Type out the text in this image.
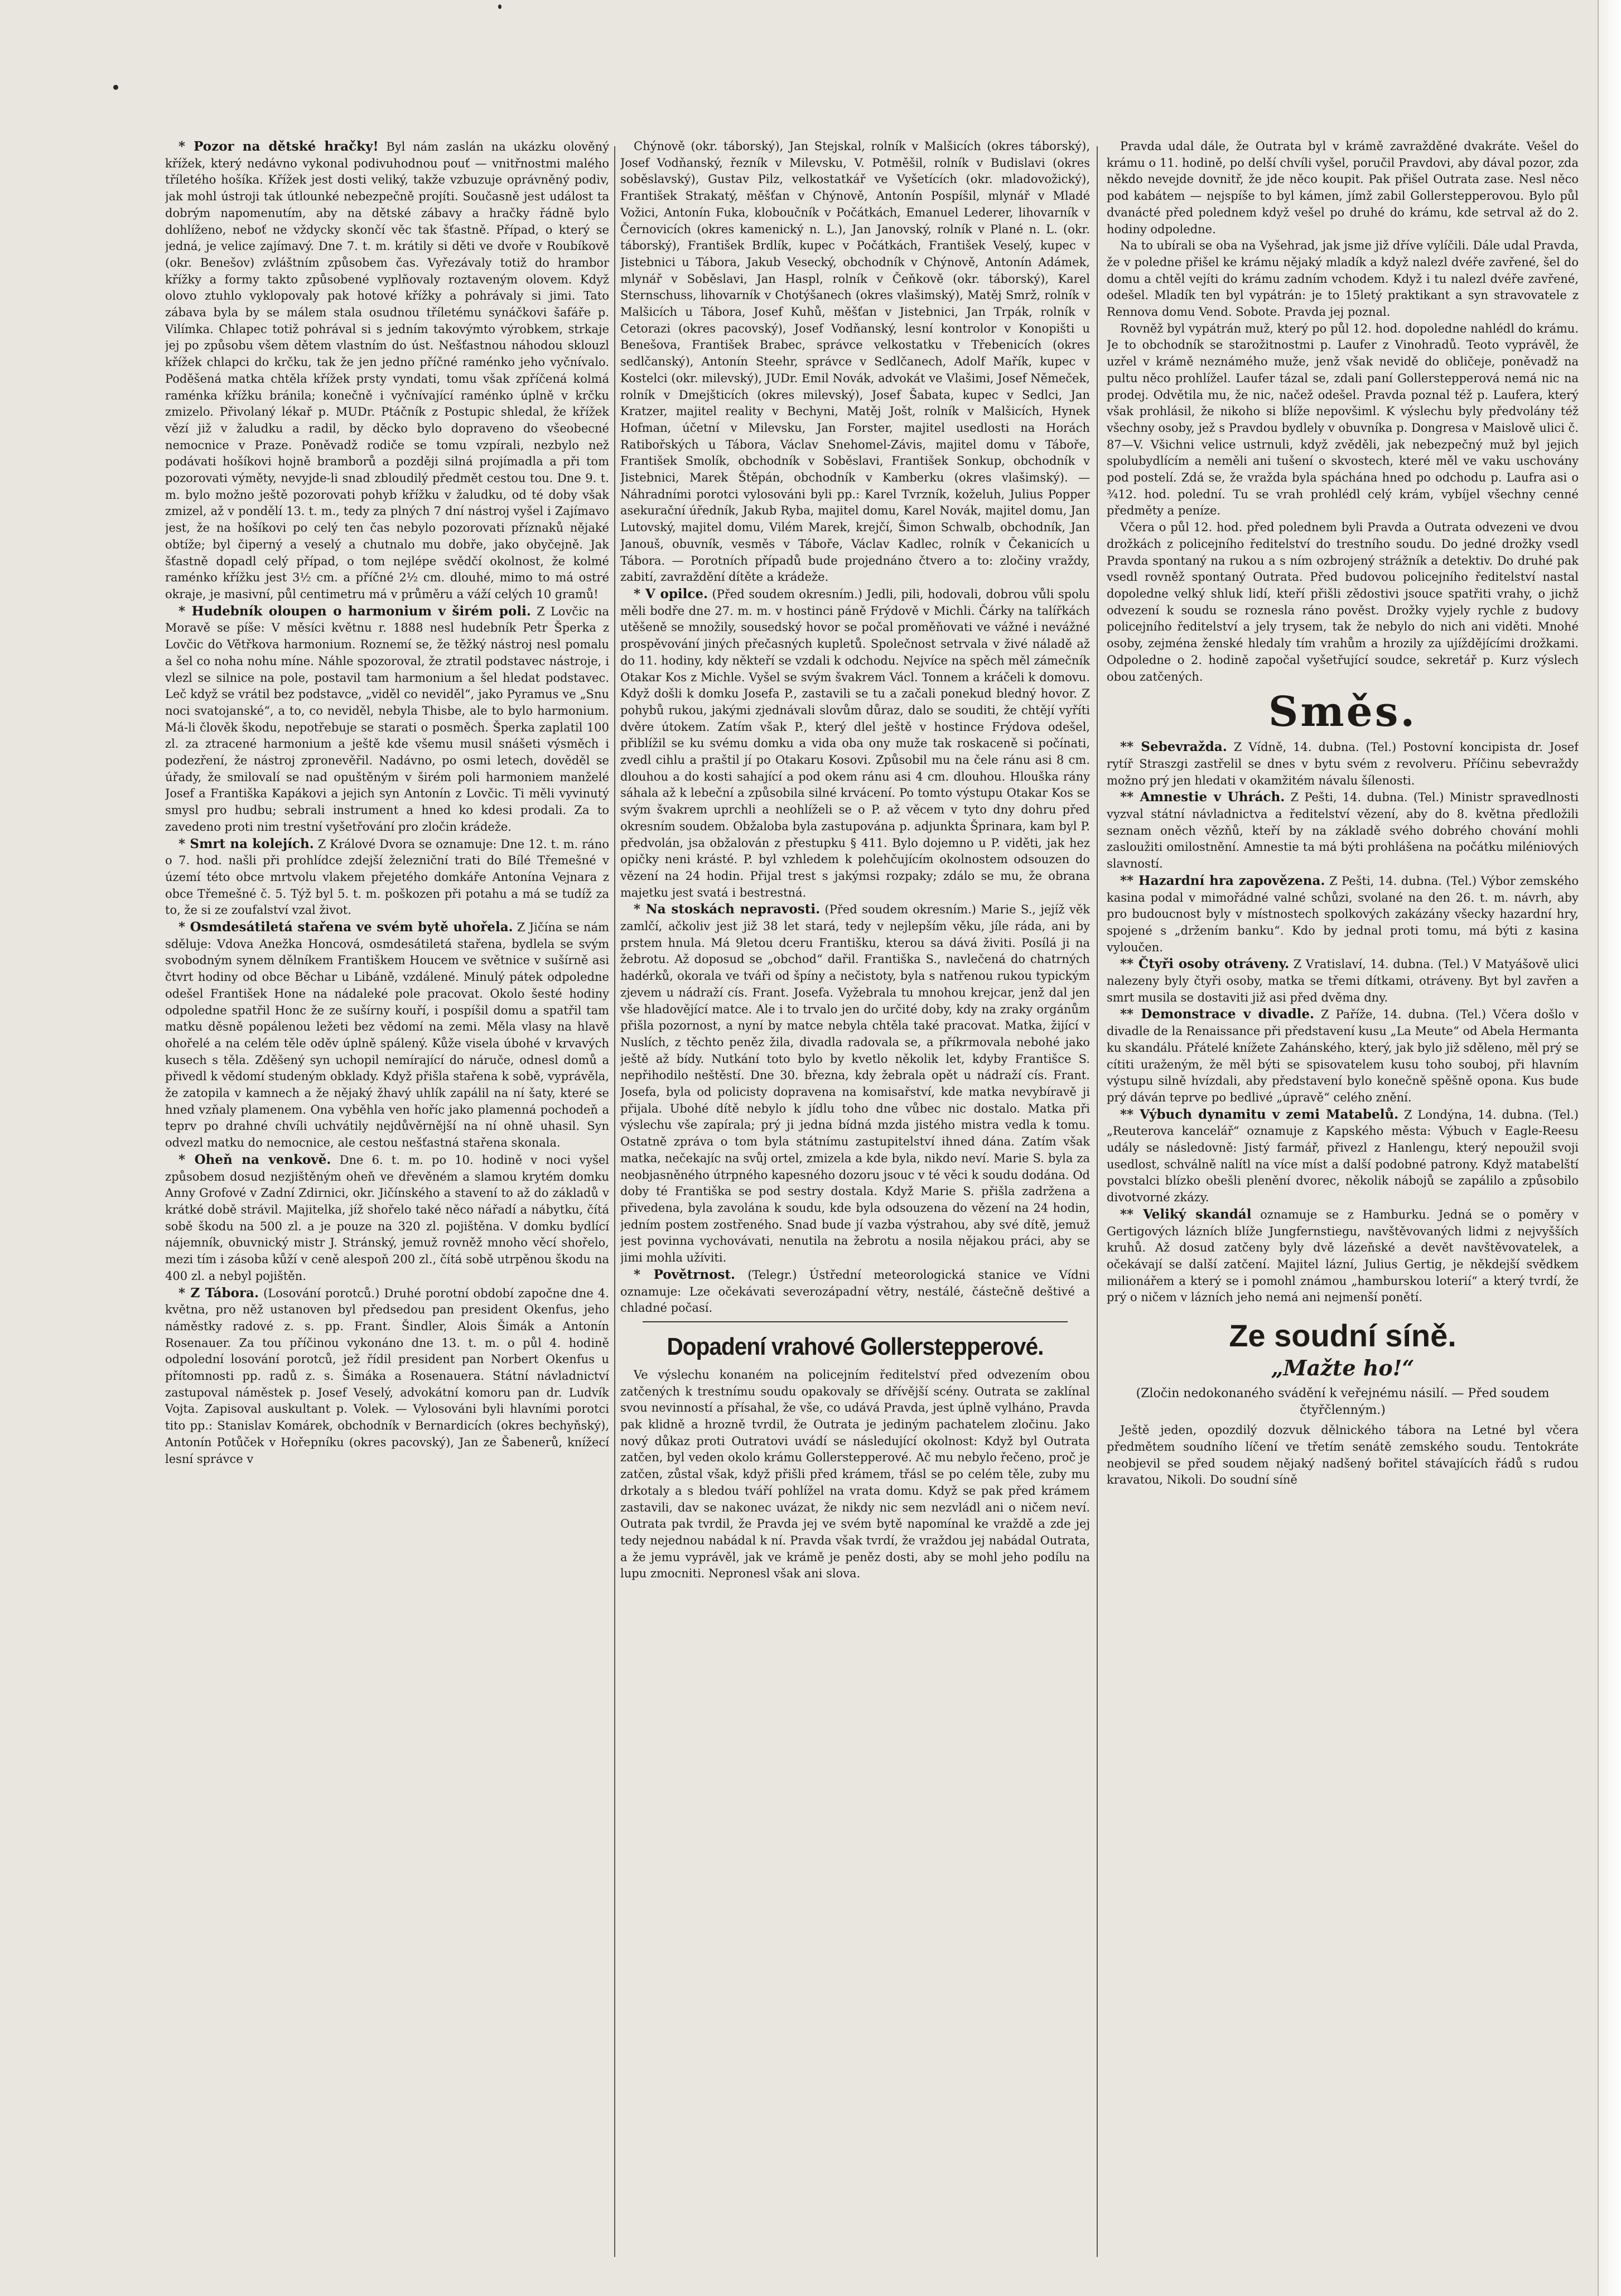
* Pozor na dětské hračky! Byl nám zaslán na ukázku olověný křížek, který nedávno vykonal podivuhodnou pouť — vnitřnostmi malého tříletého hošíka. Křížek jest dosti veliký, takže vzbuzuje oprávněný podiv, jak mohl ústroji tak útlounké nebezpečně projíti. Současně jest událost ta dobrým napomenutím, aby na dětské zábavy a hračky řádně bylo dohlíženo, neboť ne vždycky skončí věc tak šťastně. Případ, o který se jedná, je velice zajímavý. Dne 7. t. m. krátily si děti ve dvoře v Roubíkově (okr. Benešov) zvláštním způsobem čas. Vyřezávaly totiž do hrambor křížky a formy takto způsobené vyplňovaly roztaveným olovem. Když olovo ztuhlo vyklopovaly pak hotové křížky a pohrávaly si jimi. Tato zábava byla by se málem stala osudnou tříletému synáčkovi šafáře p. Vilímka. Chlapec totiž pohrával si s jedním takovýmto výrobkem, strkaje jej po způsobu všem dětem vlastním do úst. Nešťastnou náhodou sklouzl křížek chlapci do krčku, tak že jen jedno příčné raménko jeho vyčnívalo. Poděšená matka chtěla křížek prsty vyndati, tomu však zpříčená kolmá raménka křížku bránila; konečně i vyčnívající raménko úplně v krčku zmizelo. Přivolaný lékař p. MUDr. Ptáčník z Postupic shledal, že křížek vězí již v žaludku a radil, by děcko bylo dopraveno do všeobecné nemocnice v Praze. Poněvadž rodiče se tomu vzpírali, nezbylo než podávati hošíkovi hojně bramborů a později silná projímadla a při tom pozorovati výměty, nevyjde-li snad zbloudilý předmět cestou tou. Dne 9. t. m. bylo možno ještě pozorovati pohyb křížku v žaludku, od té doby však zmizel, až v pondělí 13. t. m., tedy za plných 7 dní nástroj vyšel i Zajímavo jest, že na hošíkovi po celý ten čas nebylo pozorovati příznaků nějaké obtíže; byl čiperný a veselý a chutnalo mu dobře, jako obyčejně. Jak šťastně dopadl celý případ, o tom nejlépe svědčí okolnost, že kolmé raménko křížku jest 3½ cm. a příčné 2½ cm. dlouhé, mimo to má ostré okraje, je masivní, půl centimetru má v průměru a váží celých 10 gramů!

* Hudebník oloupen o harmonium v širém poli. Z Lovčic na Moravě se píše: V měsíci květnu r. 1888 nesl hudebník Petr Šperka z Lovčic do Větřkova harmonium. Roznemí se, že těžký nástroj nesl pomalu a šel co noha nohu míne. Náhle spozoroval, že ztratil podstavec nástroje, i vlezl se silnice na pole, postavil tam harmonium a šel hledat podstavec. Leč když se vrátil bez podstavce, „viděl co neviděl“, jako Pyramus ve „Snu noci svatojanské“, a to, co neviděl, nebyla Thisbe, ale to bylo harmonium. Má-li člověk škodu, nepotřebuje se starati o posměch. Šperka zaplatil 100 zl. za ztracené harmonium a ještě kde všemu musil snášeti výsměch i podezření, že nástroj zpronevěřil. Nadávno, po osmi letech, dověděl se úřady, že smilovalí se nad opuštěným v širém poli harmoniem manželé Josef a Františka Kapákovi a jejich syn Antonín z Lovčic. Ti měli vyvinutý smysl pro hudbu; sebrali instrument a hned ko kdesi prodali. Za to zavedeno proti nim trestní vyšetřování pro zločin krádeže.

* Smrt na kolejích. Z Králové Dvora se oznamuje: Dne 12. t. m. ráno o 7. hod. našli při prohlídce zdejší železniční trati do Bílé Třemešné v území této obce mrtvolu vlakem přejetého domkáře Antonína Vejnara z obce Třemešné č. 5. Týž byl 5. t. m. poškozen při potahu a má se tudíž za to, že si ze zoufalství vzal život.

* Osmdesátiletá stařena ve svém bytě uhořela. Z Jičína se nám sděluje: Vdova Anežka Honcová, osmdesátiletá stařena, bydlela se svým svobodným synem dělníkem Františkem Houcem ve světnice v sušírně asi čtvrt hodiny od obce Běchar u Libáně, vzdálené. Minulý pátek odpoledne odešel František Hone na nádaleké pole pracovat. Okolo šesté hodiny odpoledne spatřil Honc že ze sušírny kouří, i pospíšil domu a spatřil tam matku děsně popálenou ležeti bez vědomí na zemi. Měla vlasy na hlavě ohořelé a na celém těle oděv úplně spálený. Kůže visela úbohé v krvavých kusech s těla. Zděšený syn uchopil nemírající do náruče, odnesl domů a přivedl k vědomí studeným obklady. Když přišla stařena k sobě, vyprávěla, že zatopila v kamnech a že nějaký žhavý uhlík zapálil na ní šaty, které se hned vzňaly plamenem. Ona vyběhla ven hoříc jako plamenná pochodeň a teprv po drahné chvíli uchvátily nejdůvěrnější na ní ohně uhasil. Syn odvezl matku do nemocnice, ale cestou nešťastná stařena skonala.

* Oheň na venkově. Dne 6. t. m. po 10. hodině v noci vyšel způsobem dosud nezjištěným oheň ve dřevěném a slamou krytém domku Anny Grofové v Zadní Zdirnici, okr. Jičínského a stavení to až do základů v krátké době strávil. Majitelka, jíž shořelo také něco nářadí a nábytku, čítá sobě škodu na 500 zl. a je pouze na 320 zl. pojištěna. V domku bydlící nájemník, obuvnický mistr J. Stránský, jemuž rovněž mnoho věcí shořelo, mezi tím i zásoba kůží v ceně alespoň 200 zl., čítá sobě utrpěnou škodu na 400 zl. a nebyl pojištěn.

* Z Tábora. (Losování porotců.) Druhé porotní období započne dne 4. května, pro něž ustanoven byl předsedou pan president Okenfus, jeho náměstky radové z. s. pp. Frant. Šindler, Alois Šimák a Antonín Rosenauer. Za tou příčinou vykonáno dne 13. t. m. o půl 4. hodině odpolední losování porotců, jež řídil president pan Norbert Okenfus u přítomnosti pp. radů z. s. Šimáka a Rosenauera. Státní návladnictví zastupoval náměstek p. Josef Veselý, advokátní komoru pan dr. Ludvík Vojta. Zapisoval auskultant p. Volek. — Vylosováni byli hlavními porotci tito pp.: Stanislav Komárek, obchodník v Bernardicích (okres bechyňský), Antonín Potůček v Hořepníku (okres pacovský), Jan ze Šabenerů, knížecí lesní správce v

Chýnově (okr. táborský), Jan Stejskal, rolník v Malšicích (okres táborský), Josef Vodňanský, řezník v Milevsku, V. Potměšil, rolník v Budislavi (okres soběslavský), Gustav Pilz, velkostatkář ve Vyšetících (okr. mladovožický), František Strakatý, měšťan v Chýnově, Antonín Pospíšil, mlynář v Mladé Vožici, Antonín Fuka, kloboučník v Počátkách, Emanuel Lederer, lihovarník v Černovicích (okres kamenický n. L.), Jan Janovský, rolník v Plané n. L. (okr. táborský), František Brdlík, kupec v Počátkách, František Veselý, kupec v Jistebnici u Tábora, Jakub Vesecký, obchodník v Chýnově, Antonín Adámek, mlynář v Soběslavi, Jan Haspl, rolník v Čeňkově (okr. táborský), Karel Sternschuss, lihovarník v Chotýšanech (okres vlašimský), Matěj Smrž, rolník v Malšicích u Tábora, Josef Kuhů, měšťan v Jistebnici, Jan Trpák, rolník v Cetorazi (okres pacovský), Josef Vodňanský, lesní kontrolor v Konopišti u Benešova, František Brabec, správce velkostatku v Třebenicích (okres sedlčanský), Antonín Steehr, správce v Sedlčanech, Adolf Mařík, kupec v Kostelci (okr. milevský), JUDr. Emil Novák, advokát ve Vlašimi, Josef Němeček, rolník v Dmejšticích (okres milevský), Josef Šabata, kupec v Sedlci, Jan Kratzer, majitel reality v Bechyni, Matěj Jošt, rolník v Malšicích, Hynek Hofman, účetní v Milevsku, Jan Forster, majitel usedlosti na Horách Ratibořských u Tábora, Václav Snehomel-Závis, majitel domu v Táboře, František Smolík, obchodník v Soběslavi, František Sonkup, obchodník v Jistebnici, Marek Štěpán, obchodník v Kamberku (okres vlašimský). — Náhradními porotci vylosováni byli pp.: Karel Tvrzník, koželuh, Julius Popper asekurační úředník, Jakub Ryba, majitel domu, Karel Novák, majitel domu, Jan Lutovský, majitel domu, Vilém Marek, krejčí, Šimon Schwalb, obchodník, Jan Janouš, obuvník, vesměs v Táboře, Václav Kadlec, rolník v Čekanicích u Tábora. — Porotních případů bude projednáno čtvero a to: zločiny vraždy, zabití, zavraždění dítěte a krádeže.

* V opilce. (Před soudem okresním.) Jedli, pili, hodovali, dobrou vůli spolu měli bodře dne 27. m. m. v hostinci páně Frýdově v Michli. Čárky na talířkách utěšeně se množily, sousedský hovor se počal proměňovati ve vážné i nevážné prospěvování jiných přečasných kupletů. Společnost setrvala v živé náladě až do 11. hodiny, kdy někteří se vzdali k odchodu. Nejvíce na spěch měl zámečník Otakar Kos z Michle. Vyšel se svým švakrem Václ. Tonnem a kráčeli k domovu. Když došli k domku Josefa P., zastavili se tu a začali ponekud bledný hovor. Z pohybů rukou, jakými zjednávali slovům důraz, dalo se souditi, že chtějí vyříti dvěre útokem. Zatím však P., který dlel ještě v hostince Frýdova odešel, přiblížil se ku svému domku a vida oba ony muže tak roskaceně si počínati, zvedl cihlu a praštil jí po Otakaru Kosovi. Způsobil mu na čele ránu asi 8 cm. dlouhou a do kosti sahající a pod okem ránu asi 4 cm. dlouhou. Hlouška rány sáhala až k lebeční a způsobila silné krvácení. Po tomto výstupu Otakar Kos se svým švakrem uprchli a neohlíželi se o P. až věcem v tyto dny dohru před okresním soudem. Obžaloba byla zastupována p. adjunkta Šprinara, kam byl P. předvolán, jsa obžalován z přestupku § 411. Bylo dojemno u P. viděti, jak hez opičky neni krásté. P. byl vzhledem k polehčujícím okolnostem odsouzen do vězení na 24 hodin. Přijal trest s jakýmsi rozpaky; zdálo se mu, že obrana majetku jest svatá i bestrestná.

* Na stoskách nepravosti. (Před soudem okresním.) Marie S., jejíž věk zamlčí, ačkoliv jest již 38 let stará, tedy v nejlepším věku, jíle ráda, ani by prstem hnula. Má 9letou dceru Františku, kterou sa dává živiti. Posílá ji na žebrotu. Až doposud se „obchod“ dařil. Františka S., navlečená do chatrných hadérků, okorala ve tváři od špíny a nečistoty, byla s natřenou rukou typickým zjevem u nádraží cís. Frant. Josefa. Vyžebrala tu mnohou krejcar, jenž dal jen vše hladovějící matce. Ale i to trvalo jen do určité doby, kdy na zraky orgánům přišla pozornost, a nyní by matce nebyla chtěla také pracovat. Matka, žijící v Nuslích, z těchto peněz žila, divadla radovala se, a příkrmovala nebohé jako ještě až bídy. Nutkání toto bylo by kvetlo několik let, kdyby Františce S. nepřihodilo neštěstí. Dne 30. března, kdy žebrala opět u nádraží cís. Frant. Josefa, byla od policisty dopravena na komisařství, kde matka nevybíravě ji přijala. Ubohé dítě nebylo k jídlu toho dne vůbec nic dostalo. Matka při výslechu vše zapírala; prý ji jedna bídná mzda jistého mistra vedla k tomu. Ostatně zpráva o tom byla státnímu zastupitelství ihned dána. Zatím však matka, nečekajíc na svůj ortel, zmizela a kde byla, nikdo neví. Marie S. byla za neobjasněného útrpného kapesného dozoru jsouc v té věci k soudu dodána. Od doby té Františka se pod sestry dostala. Když Marie S. přišla zadržena a přivedena, byla zavolána k soudu, kde byla odsouzena do vězení na 24 hodin, jedním postem zostřeného. Snad bude jí vazba výstrahou, aby své dítě, jemuž jest povinna vychovávati, nenutila na žebrotu a nosila nějakou práci, aby se jimi mohla užíviti.

* Povětrnost. (Telegr.) Ústřední meteorologická stanice ve Vídni oznamuje: Lze očekávati severozápadní větry, nestálé, částečně deštivé a chladné počasí.

Dopadení vrahové Gollerstepperové.

Ve výslechu konaném na policejním ředitelství před odvezením obou zatčených k trestnímu soudu opakovaly se dřívější scény. Outrata se zaklínal svou nevinností a přísahal, že vše, co udává Pravda, jest úplně vylháno, Pravda pak klidně a hrozně tvrdil, že Outrata je jediným pachatelem zločinu. Jako nový důkaz proti Outratovi uvádí se následující okolnost: Když byl Outrata zatčen, byl veden okolo krámu Gollerstepperové. Ač mu nebylo řečeno, proč je zatčen, zůstal však, když přišli před krámem, třásl se po celém těle, zuby mu drkotaly a s bledou tváří pohlížel na vrata domu. Když se pak před krámem zastavili, dav se nakonec uvázat, že nikdy nic sem nezvládl ani o ničem neví. Outrata pak tvrdil, že Pravda jej ve svém bytě napomínal ke vraždě a zde jej tedy nejednou nabádal k ní. Pravda však tvrdí, že vraždou jej nabádal Outrata, a že jemu vyprávěl, jak ve krámě je peněz dosti, aby se mohl jeho podílu na lupu zmocniti. Nepronesl však ani slova.

Pravda udal dále, že Outrata byl v krámě zavražděné dvakráte. Vešel do krámu o 11. hodině, po delší chvíli vyšel, poručil Pravdovi, aby dával pozor, zda někdo nevejde dovnitř, že jde něco koupit. Pak přišel Outrata zase. Nesl něco pod kabátem — nejspíše to byl kámen, jímž zabil Gollerstepperovou. Bylo půl dvanácté před polednem když vešel po druhé do krámu, kde setrval až do 2. hodiny odpoledne.

Na to ubírali se oba na Vyšehrad, jak jsme již dříve vylíčili. Dále udal Pravda, že v poledne přišel ke krámu nějaký mladík a když nalezl dvéře zavřené, šel do domu a chtěl vejíti do krámu zadním vchodem. Když i tu nalezl dvéře zavřené, odešel. Mladík ten byl vypátrán: je to 15letý praktikant a syn stravovatele z Rennova domu Vend. Sobote. Pravda jej poznal.

Rovněž byl vypátrán muž, který po půl 12. hod. dopoledne nahlédl do krámu. Je to obchodník se starožitnostmi p. Laufer z Vinohradů. Teoto vyprávěl, že uzřel v krámě neznámého muže, jenž však nevidě do obličeje, poněvadž na pultu něco prohlížel. Laufer tázal se, zdali paní Gollerstepperová nemá nic na prodej. Odvětila mu, že nic, načež odešel. Pravda poznal též p. Laufera, který však prohlásil, že nikoho si blíže nepovšiml. K výslechu byly předvolány též všechny osoby, jež s Pravdou bydlely v obuvníka p. Dongresa v Maislově ulici č. 87—V. Všichni velice ustrnuli, když zvěděli, jak nebezpečný muž byl jejich spolubydlícím a neměli ani tušení o skvostech, které měl ve vaku uschovány pod postelí. Zdá se, že vražda byla spáchána hned po odchodu p. Laufra asi o ¾12. hod. polední. Tu se vrah prohlédl celý krám, vybíjel všechny cenné předměty a peníze.

Včera o půl 12. hod. před polednem byli Pravda a Outrata odvezeni ve dvou drožkách z policejního ředitelství do trestního soudu. Do jedné drožky vsedl Pravda spontaný na rukou a s ním ozbrojený strážník a detektiv. Do druhé pak vsedl rovněž spontaný Outrata. Před budovou policejního ředitelství nastal dopoledne velký shluk lidí, kteří přišli zědostivi jsouce spatřiti vrahy, o jichž odvezení k soudu se roznesla ráno pověst. Drožky vyjely rychle z budovy policejního ředitelství a jely trysem, tak že nebylo do nich ani viděti. Mnohé osoby, zejména ženské hledaly tím vrahům a hrozily za ujíždějícími drožkami. Odpoledne o 2. hodině započal vyšetřující soudce, sekretář p. Kurz výslech obou zatčených.

Směs.

** Sebevražda. Z Vídně, 14. dubna. (Tel.) Postovní koncipista dr. Josef rytíř Straszgi zastřelil se dnes v bytu svém z revolveru. Příčinu sebevraždy možno prý jen hledati v okamžitém návalu šílenosti.

** Amnestie v Uhrách. Z Pešti, 14. dubna. (Tel.) Ministr spravedlnosti vyzval státní návladnictva a ředitelství vězení, aby do 8. května předložili seznam oněch vězňů, kteří by na základě svého dobrého chování mohli zasloužiti omilostnění. Amnestie ta má býti prohlášena na počátku miléniových slavností.

** Hazardní hra zapovězena. Z Pešti, 14. dubna. (Tel.) Výbor zemského kasina podal v mimořádné valné schůzi, svolané na den 26. t. m. návrh, aby pro budoucnost byly v místnostech spolkových zakázány všecky hazardní hry, spojené s „držením banku“. Kdo by jednal proti tomu, má býti z kasina vyloučen.

** Čtyři osoby otráveny. Z Vratislaví, 14. dubna. (Tel.) V Matyášově ulici nalezeny byly čtyři osoby, matka se třemi dítkami, otráveny. Byt byl zavřen a smrt musila se dostaviti již asi před dvěma dny.

** Demonstrace v divadle. Z Paříže, 14. dubna. (Tel.) Včera došlo v divadle de la Renaissance při představení kusu „La Meute“ od Abela Hermanta ku skandálu. Přátelé knížete Zahánského, který, jak bylo již sděleno, měl prý se cítiti uraženým, že měl býti se spisovatelem kusu toho souboj, při hlavním výstupu silně hvízdali, aby představení bylo konečně spěšně opona. Kus bude prý dáván teprve po bedlivé „úpravě“ celého znění.

** Výbuch dynamitu v zemi Matabelů. Z Londýna, 14. dubna. (Tel.) „Reuterova kancelář“ oznamuje z Kapského města: Výbuch v Eagle-Reesu udály se následovně: Jistý farmář, přivezl z Hanlengu, který nepoužil svoji usedlost, schválně nalítl na více míst a další podobné patrony. Když matabelští povstalci blízko obešli plenění dvorec, několik nábojů se zapálilo a způsobilo divotvorné zkázy.

** Veliký skandál oznamuje se z Hamburku. Jedná se o poměry v Gertigových lázních blíže Jungfernstiegu, navštěvovaných lidmi z nejvyšších kruhů. Až dosud zatčeny byly dvě lázeňské a devět navštěvovatelek, a očekávají se další zatčení. Majitel lázní, Julius Gertig, je někdejší svědkem milionářem a který se i pomohl známou „hamburskou loterií“ a který tvrdí, že prý o ničem v lázních jeho nemá ani nejmenší ponětí.

Ze soudní síně.
„Mažte ho!“
(Zločin nedokonaného svádění k veřejnému násilí. — Před soudem čtyřčlenným.)

Ještě jeden, opozdilý dozvuk dělnického tábora na Letné byl včera předmětem soudního líčení ve třetím senátě zemského soudu. Tentokráte neobjevil se před soudem nějaký nadšený bořitel stávajících řádů s rudou kravatou, Nikoli. Do soudní síně
